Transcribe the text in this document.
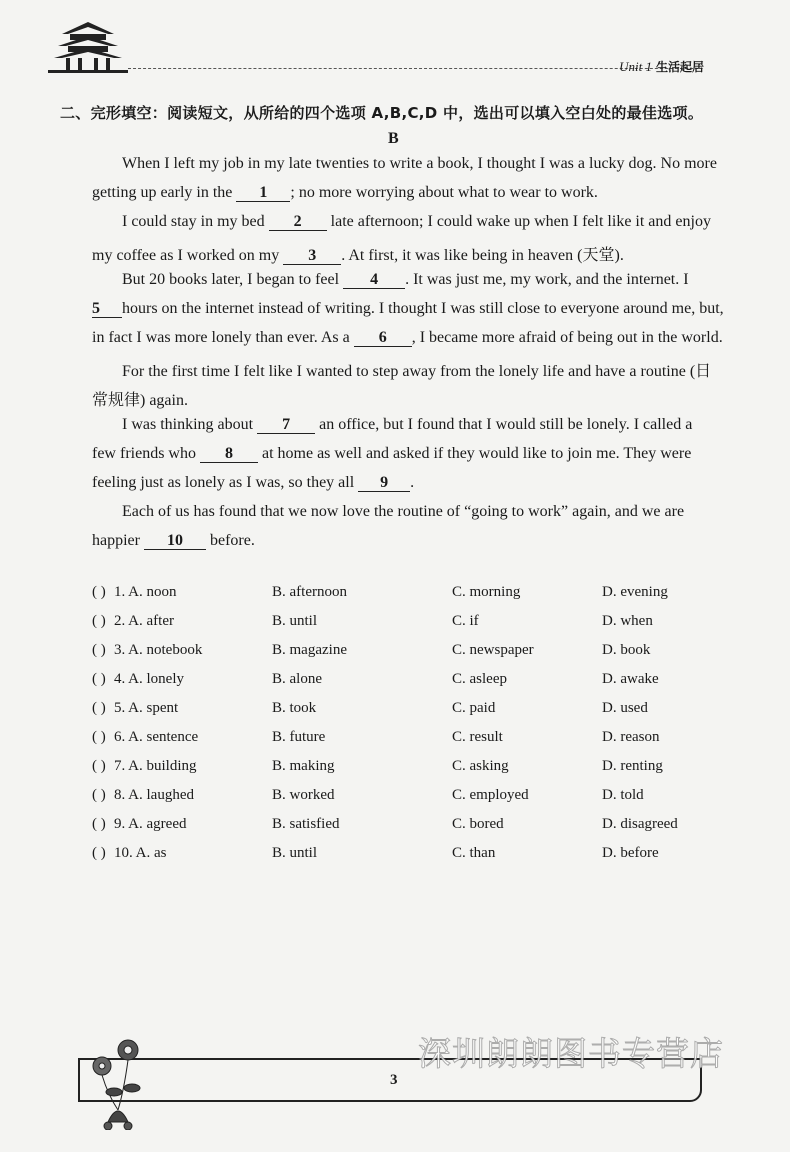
Unit 1 生活起居
二、完形填空：阅读短文，从所给的四个选项 A,B,C,D 中，选出可以填入空白处的最佳选项。
B
When I left my job in my late twenties to write a book, I thought I was a lucky dog. No more
getting up early in the 1 ; no more worrying about what to wear to work.
I could stay in my bed 2 late afternoon; I could wake up when I felt like it and enjoy
my coffee as I worked on my 3 . At first, it was like being in heaven (天堂).
But 20 books later, I began to feel 4 . It was just me, my work, and the internet. I
5 hours on the internet instead of writing. I thought I was still close to everyone around me, but,
in fact I was more lonely than ever. As a 6 , I became more afraid of being out in the world.
For the first time I felt like I wanted to step away from the lonely life and have a routine (日
常规律) again.
I was thinking about 7 an office, but I found that I would still be lonely. I called a
few friends who 8 at home as well and asked if they would like to join me. They were
feeling just as lonely as I was, so they all 9 .
Each of us has found that we now love the routine of “going to work” again, and we are
happier 10 before.
( ) 1. A. noon	B. afternoon	C. morning	D. evening
( ) 2. A. after	B. until	C. if	D. when
( ) 3. A. notebook	B. magazine	C. newspaper	D. book
( ) 4. A. lonely	B. alone	C. asleep	D. awake
( ) 5. A. spent	B. took	C. paid	D. used
( ) 6. A. sentence	B. future	C. result	D. reason
( ) 7. A. building	B. making	C. asking	D. renting
( ) 8. A. laughed	B. worked	C. employed	D. told
( ) 9. A. agreed	B. satisfied	C. bored	D. disagreed
( ) 10. A. as	B. until	C. than	D. before
3
深圳朗朗图书专营店
